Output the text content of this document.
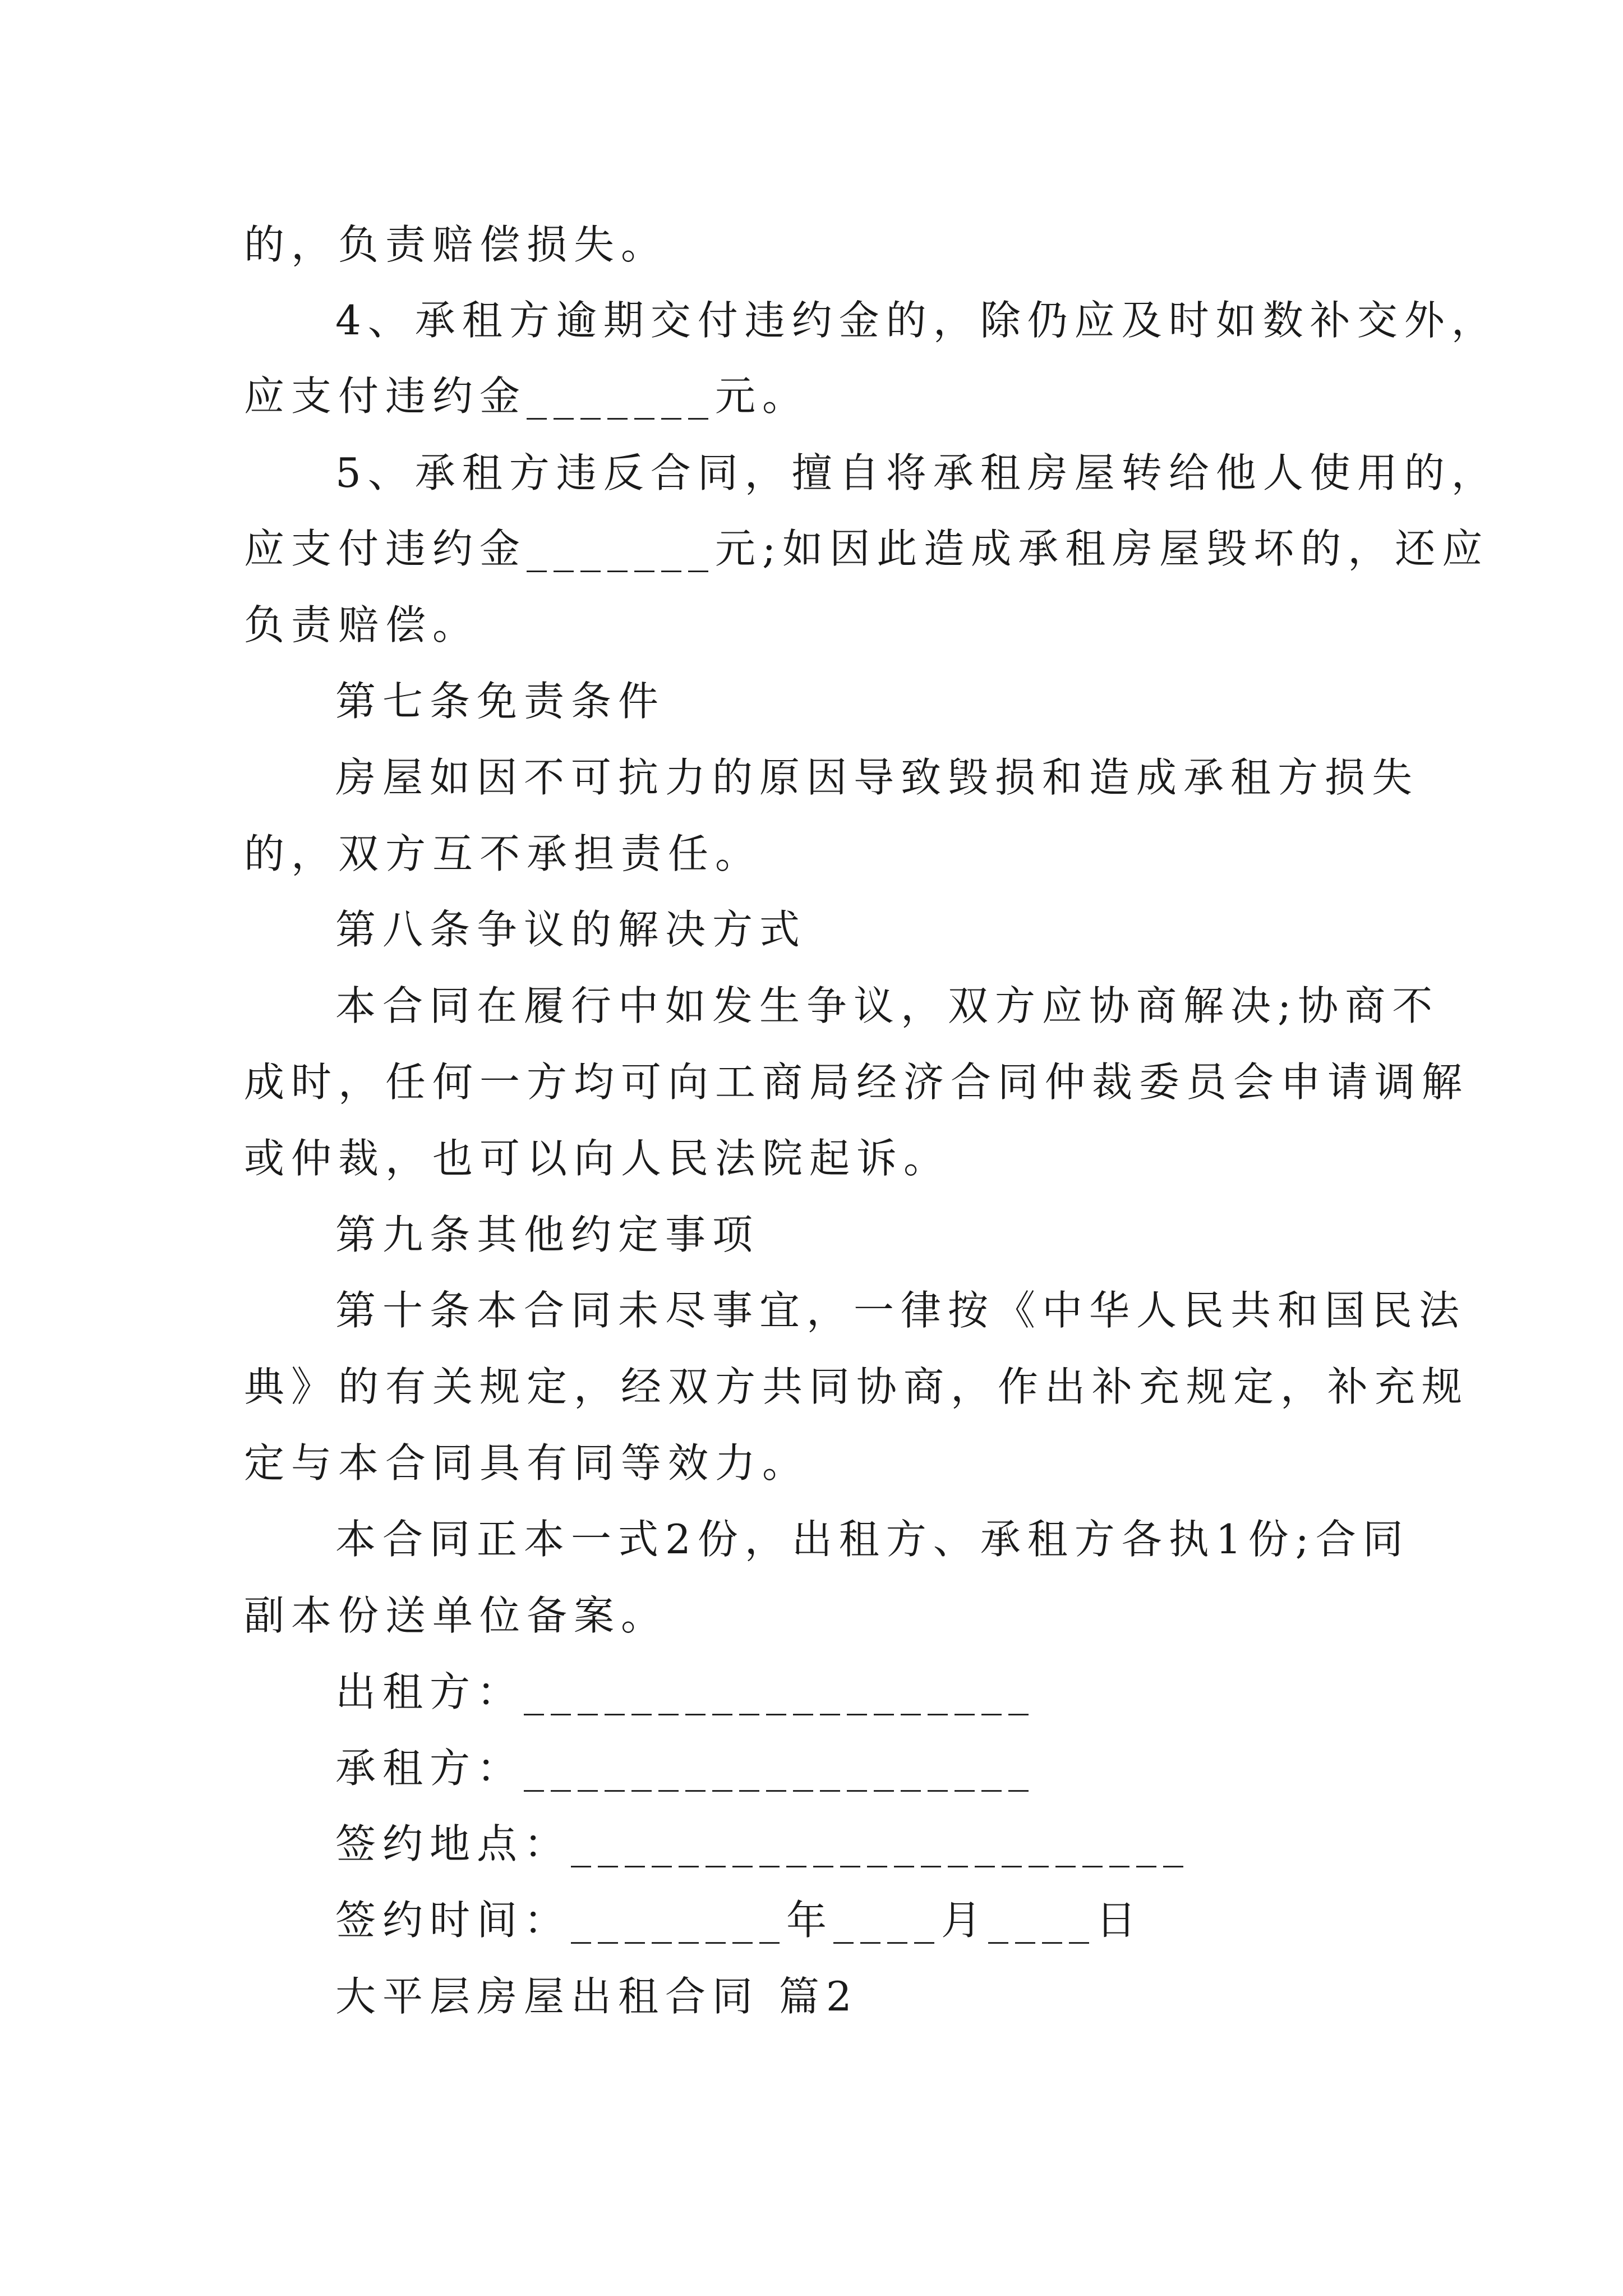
的，负责赔偿损失。
4、承租方逾期交付违约金的，除仍应及时如数补交外，
应支付违约金_______元。
5、承租方违反合同，擅自将承租房屋转给他人使用的，
应支付违约金_______元;如因此造成承租房屋毁坏的，还应
负责赔偿。
第七条免责条件
房屋如因不可抗力的原因导致毁损和造成承租方损失
的，双方互不承担责任。
第八条争议的解决方式
本合同在履行中如发生争议，双方应协商解决;协商不
成时，任何一方均可向工商局经济合同仲裁委员会申请调解
或仲裁，也可以向人民法院起诉。
第九条其他约定事项
第十条本合同未尽事宜，一律按《中华人民共和国民法
典》的有关规定，经双方共同协商，作出补充规定，补充规
定与本合同具有同等效力。
本合同正本一式2份，出租方、承租方各执1份;合同
副本份送单位备案。
出租方：___________________
承租方：___________________
签约地点：_______________________
签约时间：________年____月____日
大平层房屋出租合同 篇2
